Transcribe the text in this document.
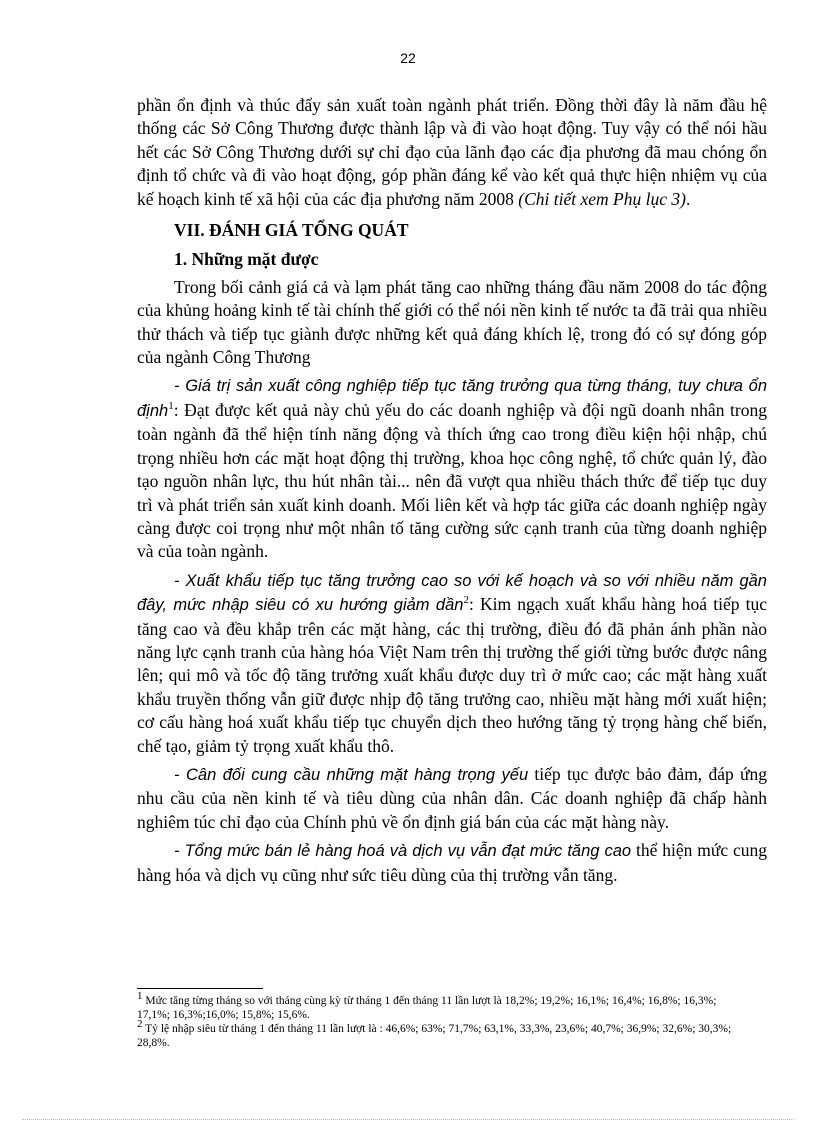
22

phần ổn định và thúc đẩy sản xuất toàn ngành phát triển. Đồng thời đây là năm đầu hệ thống các Sở Công Thương được thành lập và đi vào hoạt động. Tuy vậy có thể nói hầu hết các Sở Công Thương dưới sự chỉ đạo của lãnh đạo các địa phương đã mau chóng ổn định tổ chức và đi vào hoạt động, góp phần đáng kể vào kết quả thực hiện nhiệm vụ của kế hoạch kinh tế xã hội của các địa phương năm 2008 (Chi tiết xem Phụ lục 3).

VII. ĐÁNH GIÁ TỔNG QUÁT

1. Những mặt được

Trong bối cảnh giá cả và lạm phát tăng cao những tháng đầu năm 2008 do tác động của khủng hoảng kinh tế tài chính thế giới có thể nói nền kinh tế nước ta đã trải qua nhiều thử thách và tiếp tục giành được những kết quả đáng khích lệ, trong đó có sự đóng góp của ngành Công Thương

- Giá trị sản xuất công nghiệp tiếp tục tăng trưởng qua từng tháng, tuy chưa ổn định$^1$: Đạt được kết quả này chủ yếu do các doanh nghiệp và đội ngũ doanh nhân trong toàn ngành đã thể hiện tính năng động và thích ứng cao trong điều kiện hội nhập, chú trọng nhiều hơn các mặt hoạt động thị trường, khoa học công nghệ, tổ chức quản lý, đào tạo nguồn nhân lực, thu hút nhân tài... nên đã vượt qua nhiều thách thức để tiếp tục duy trì và phát triển sản xuất kinh doanh. Mối liên kết và hợp tác giữa các doanh nghiệp ngày càng được coi trọng như một nhân tố tăng cường sức cạnh tranh của từng doanh nghiệp và của toàn ngành.

- Xuất khẩu tiếp tục tăng trưởng cao so với kế hoạch và so với nhiều năm gần đây, mức nhập siêu có xu hướng giảm dần$^2$: Kim ngạch xuất khẩu hàng hoá tiếp tục tăng cao và đều khắp trên các mặt hàng, các thị trường, điều đó đã phản ánh phần nào năng lực cạnh tranh của hàng hóa Việt Nam trên thị trường thế giới từng bước được nâng lên; qui mô và tốc độ tăng trưởng xuất khẩu được duy trì ở mức cao; các mặt hàng xuất khẩu truyền thống vẫn giữ được nhịp độ tăng trưởng cao, nhiều mặt hàng mới xuất hiện; cơ cấu hàng hoá xuất khẩu tiếp tục chuyển dịch theo hướng tăng tỷ trọng hàng chế biến, chế tạo, giảm tỷ trọng xuất khẩu thô.

- Cân đối cung cầu những mặt hàng trọng yếu tiếp tục được bảo đảm, đáp ứng nhu cầu của nền kinh tế và tiêu dùng của nhân dân. Các doanh nghiệp đã chấp hành nghiêm túc chỉ đạo của Chính phủ về ổn định giá bán của các mặt hàng này.

- Tổng mức bán lẻ hàng hoá và dịch vụ vẫn đạt mức tăng cao thể hiện mức cung hàng hóa và dịch vụ cũng như sức tiêu dùng của thị trường vẫn tăng.

$^1$ Mức tăng từng tháng so với tháng cùng kỳ từ tháng 1 đến tháng 11 lần lượt là 18,2%; 19,2%; 16,1%; 16,4%; 16,8%; 16,3%; 17,1%; 16,3%;16,0%; 15,8%; 15,6%.

$^2$ Tỷ lệ nhập siêu từ tháng 1 đến tháng 11 lần lượt là : 46,6%; 63%; 71,7%; 63,1%, 33,3%, 23,6%; 40,7%; 36,9%; 32,6%; 30,3%; 28,8%.
